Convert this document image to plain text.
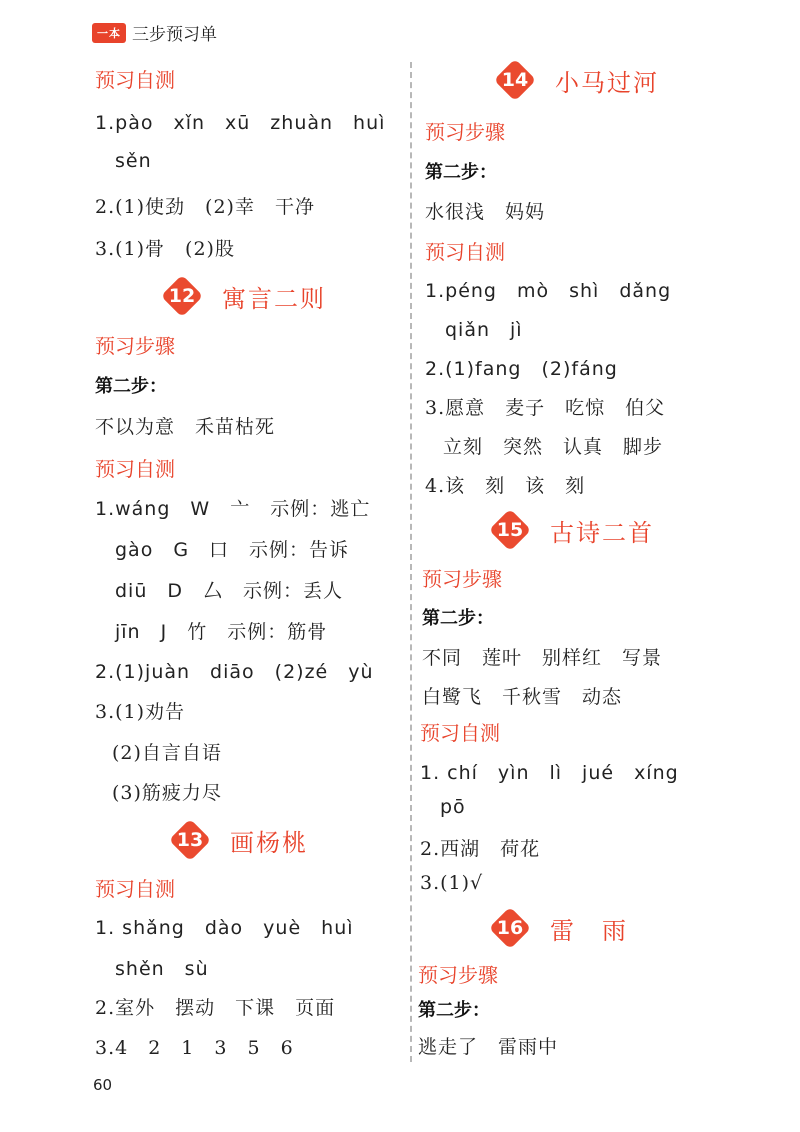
一本 三步预习单
预习自测
1.pào　xǐn　xū　zhuàn　huì
sěn
2.(1)使劲　(2)幸　干净
3.(1)骨　(2)股
12 寓言二则
预习步骤
第二步：
不以为意　禾苗枯死
预习自测
1.wáng　W　亠　示例：逃亡
gào　G　口　示例：告诉
diū　D　厶　示例：丢人
jīn　J　竹　示例：筋骨
2.(1)juàn　diāo　(2)zé　yù
3.(1)劝告
(2)自言自语
(3)筋疲力尽
13 画杨桃
预习自测
1. shǎng　dào　yuè　huì
shěn　sù
2.室外　摆动　下课　页面
3.4　2　1　3　5　6
14 小马过河
预习步骤
第二步：
水很浅　妈妈
预习自测
1.péng　mò　shì　dǎng
qiǎn　jì
2.(1)fang　(2)fáng
3.愿意　麦子　吃惊　伯父
立刻　突然　认真　脚步
4.该　刻　该　刻
15 古诗二首
预习步骤
第二步：
不同　莲叶　别样红　写景
白鹭飞　千秋雪　动态
预习自测
1. chí　yìn　lì　jué　xíng
pō
2.西湖　荷花
3.(1)√
16 雷　雨
预习步骤
第二步：
逃走了　雷雨中
60
